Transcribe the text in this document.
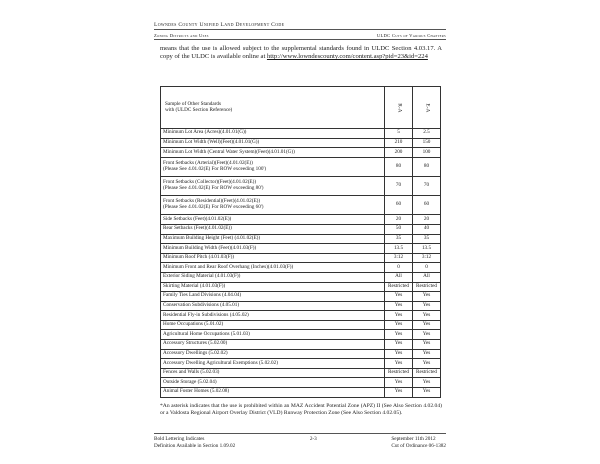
Lowndes County Unified Land Development Code
Zoning Districts and Uses	ULDC Cuts of Various Chapters

means that the use is allowed subject to the supplemental standards found in ULDC Section 4.03.17. A copy of the ULDC is available online at http://www.lowndescounty.com/content.asp?pid=23&id=224

Sample of Other Standards
with (ULDC Section Reference)	R-A	E-A
Minimum Lot Area (Acres)(4.01.01(G))	5	2.5
Minimum Lot Width (Well)(Feet)(4.01.01(G))	210	150
Minimum Lot Width (Central Water System)(Feet)(4.01.01(G))	200	100
Front Setbacks (Arterial)(Feet)(4.01.02(E))
(Please See 4.01.02(E) For ROW exceeding 100')	80	80
Front Setbacks (Collector)(Feet)(4.01.02(E))
(Please See 4.01.02(E) For ROW exceeding 80')	70	70
Front Setbacks (Residential)(Feet)(4.01.02(E))
(Please See 4.01.02(E) For ROW exceeding 60')	60	60
Side Setbacks (Feet)(4.01.02(E))	20	20
Rear Setbacks (Feet)(4.01.02(E))	50	40
Maximum Building Height (Feet) (4.01.02(E))	35	35
Minimum Building Width (Feet)(4.01.03(F))	13.5	13.5
Minimum Roof Pitch (4.01.03(F))	3:12	3:12
Minimum Front and Rear Roof Overhang (Inches)(4.01.03(F))	0	0
Exterior Siding Material (4.01.03(F))	All	All
Skirting Material (4.01.03(F))	Restricted	Restricted
Family Ties Land Divisions (4.04.04)	Yes	Yes
Conservation Subdivisions (4.05.01)	Yes	Yes
Residential Fly-in Subdivisions (4.05.02)	Yes	Yes
Home Occupations (5.01.02)	Yes	Yes
Agricultural Home Occupations (5.01.03)	Yes	Yes
Accessory Structures (5.02.00)	Yes	Yes
Accessory Dwellings (5.02.02)	Yes	Yes
Accessory Dwelling Agricultural Exemptions (5.02.02)	Yes	Yes
Fences and Walls (5.02.03)	Restricted	Restricted
Outside Storage (5.02.04)	Yes	Yes
Animal Foster Homes (5.02.08)	Yes	Yes

*An asterisk indicates that the use is prohibited within an MAZ Accident Potential Zone (APZ) II (See Also Section 4.02.04) or a Valdosta Regional Airport Overlay District (VLD) Runway Protection Zone (See Also Section 4.02.05).

Bold Lettering Indicates
Definition Available in Section 1.09.02
2-3	September 11th 2012
Cut of Ordinance 06-1382
